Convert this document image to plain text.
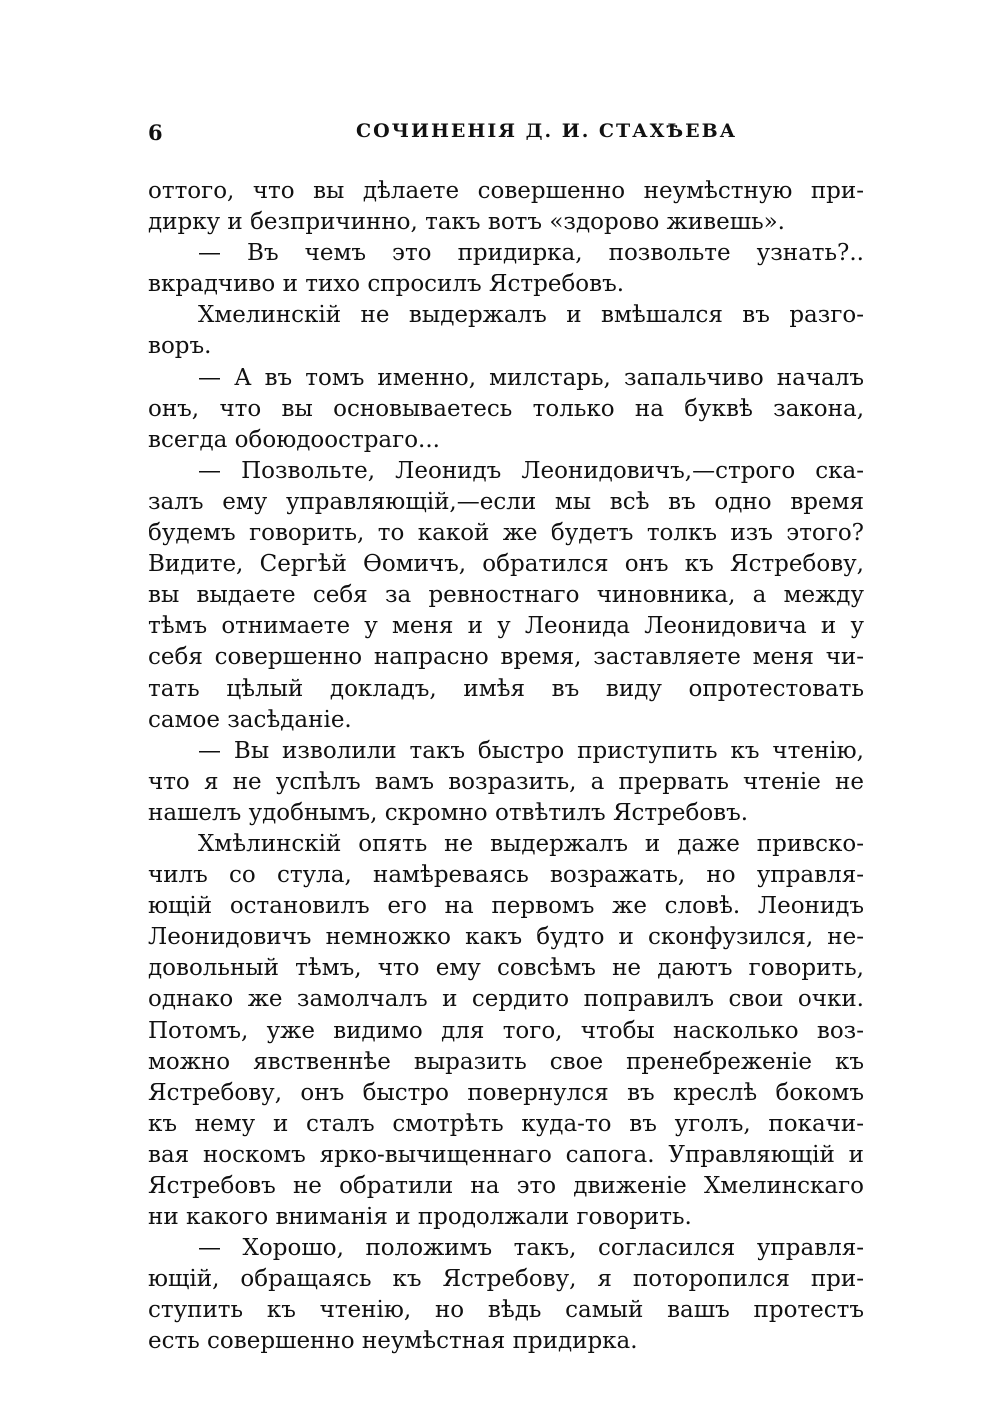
6	СОЧИНЕНIЯ Д. И. СТАХѢЕВА
оттого, что вы дѣлаете совершенно неумѣстную при-
дирку и безпричинно, такъ вотъ «здорово живешь».
— Въ чемъ это придирка, позвольте узнать?..
вкрадчиво и тихо спросилъ Ястребовъ.
Хмелинскiй не выдержалъ и вмѣшался въ разго-
воръ.
— А въ томъ именно, милстарь, запальчиво началъ
онъ, что вы основываетесь только на буквѣ закона,
всегда обоюдоостраго...
— Позвольте, Леонидъ Леонидовичъ,—строго ска-
залъ ему управляющiй,—если мы всѣ въ одно время
будемъ говорить, то какой же будетъ толкъ изъ этого?
Видите, Сергѣй Ѳомичъ, обратился онъ къ Ястребову,
вы выдаете себя за ревностнаго чиновника, а между
тѣмъ отнимаете у меня и у Леонида Леонидовича и у
себя совершенно напрасно время, заставляете меня чи-
тать цѣлый докладъ, имѣя въ виду опротестовать
самое засѣданiе.
— Вы изволили такъ быстро приступить къ чтенiю,
что я не успѣлъ вамъ возразить, а прервать чтенiе не
нашелъ удобнымъ, скромно отвѣтилъ Ястребовъ.
Хмѣлинскiй опять не выдержалъ и даже привско-
чилъ со стула, намѣреваясь возражать, но управля-
ющiй остановилъ его на первомъ же словѣ. Леонидъ
Леонидовичъ немножко какъ будто и сконфузился, не-
довольный тѣмъ, что ему совсѣмъ не даютъ говорить,
однако же замолчалъ и сердито поправилъ свои очки.
Потомъ, уже видимо для того, чтобы насколько воз-
можно явственнѣе выразить свое пренебреженiе къ
Ястребову, онъ быстро повернулся въ креслѣ бокомъ
къ нему и сталъ смотрѣть куда-то въ уголъ, покачи-
вая носкомъ ярко-вычищеннаго сапога. Управляющiй и
Ястребовъ не обратили на это движенiе Хмелинскаго
ни какого вниманiя и продолжали говорить.
— Хорошо, положимъ такъ, согласился управля-
ющiй, обращаясь къ Ястребову, я поторопился при-
ступить къ чтенiю, но вѣдь самый вашъ протестъ
есть совершенно неумѣстная придирка.
